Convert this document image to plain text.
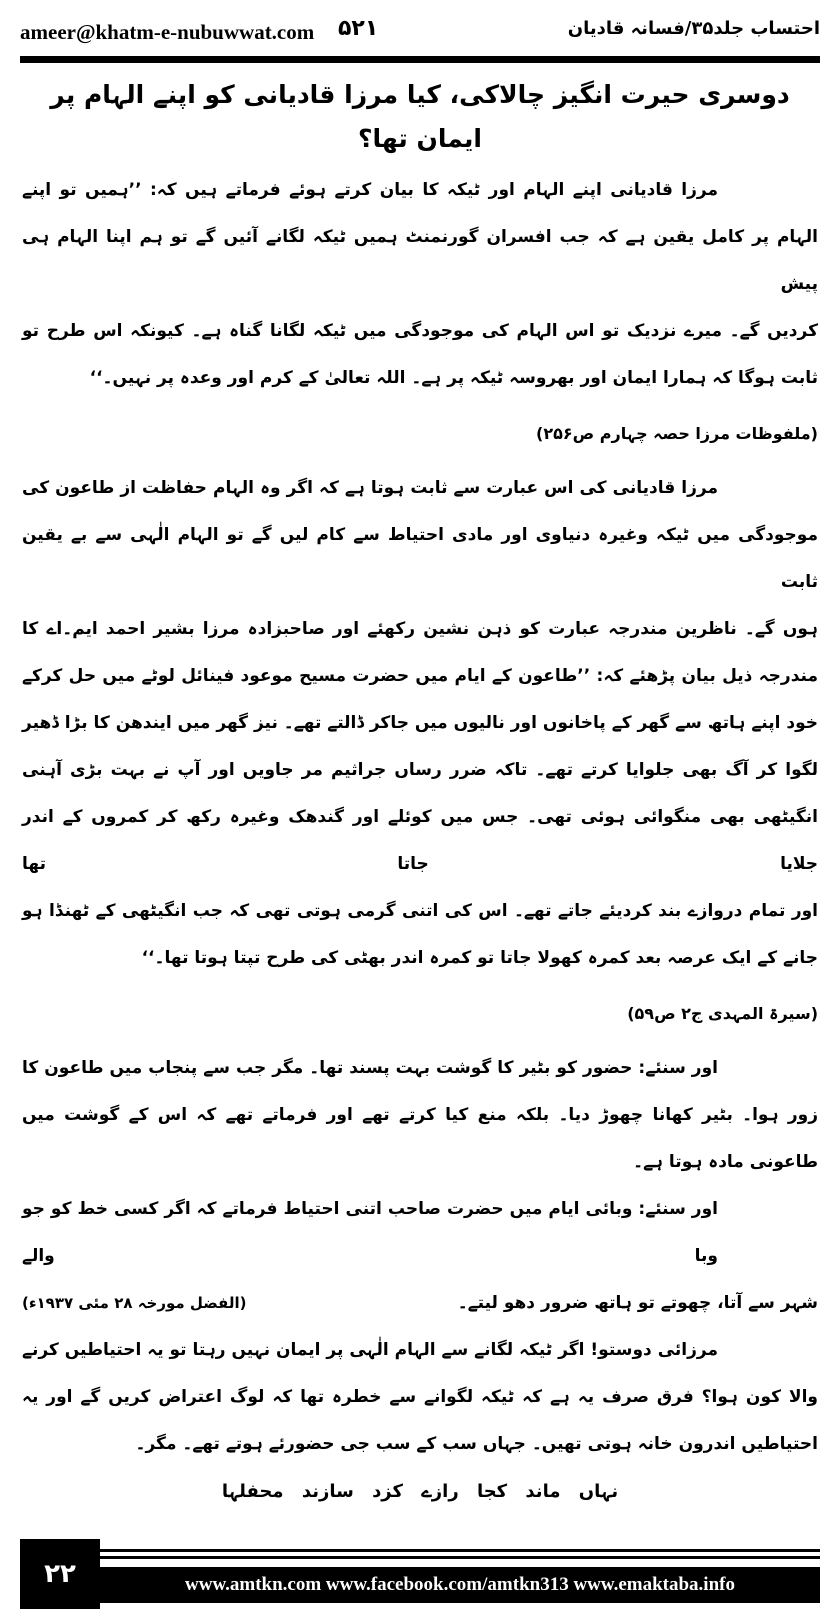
ameer@khatm-e-nubuwwat.com ۵۲۱	احتساب جلد۳۵/فسانہ قادیان
دوسری حیرت انگیز چالاکی، کیا مرزا قادیانی کو اپنے الہام پر ایمان تھا؟
مرزا قادیانی اپنے الہام اور ٹیکہ کا بیان کرتے ہوئے فرماتے ہیں کہ: ’’ہمیں تو اپنے
الہام پر کامل یقین ہے کہ جب افسران گورنمنٹ ہمیں ٹیکہ لگانے آئیں گے تو ہم اپنا الہام ہی پیش
کردیں گے۔ میرے نزدیک تو اس الہام کی موجودگی میں ٹیکہ لگانا گناہ ہے۔ کیونکہ اس طرح تو
ثابت ہوگا کہ ہمارا ایمان اور بھروسہ ٹیکہ پر ہے۔ اللہ تعالیٰ کے کرم اور وعدہ پر نہیں۔‘‘
(ملفوظات مرزا حصہ چہارم ص۲۵۶)
مرزا قادیانی کی اس عبارت سے ثابت ہوتا ہے کہ اگر وہ الہام حفاظت از طاعون کی
موجودگی میں ٹیکہ وغیرہ دنیاوی اور مادی احتیاط سے کام لیں گے تو الہام الٰہی سے بے یقین ثابت
ہوں گے۔ ناظرین مندرجہ عبارت کو ذہن نشین رکھئے اور صاحبزادہ مرزا بشیر احمد ایم۔اے کا
مندرجہ ذیل بیان پڑھئے کہ: ’’طاعون کے ایام میں حضرت مسیح موعود فینائل لوٹے میں حل کرکے
خود اپنے ہاتھ سے گھر کے پاخانوں اور نالیوں میں جاکر ڈالتے تھے۔ نیز گھر میں ایندھن کا بڑا ڈھیر
لگوا کر آگ بھی جلوایا کرتے تھے۔ تاکہ ضرر رساں جراثیم مر جاویں اور آپ نے بہت بڑی آہنی
انگیٹھی بھی منگوائی ہوئی تھی۔ جس میں کوئلے اور گندھک وغیرہ رکھ کر کمروں کے اندر جلایا جاتا تھا
اور تمام دروازے بند کردیئے جاتے تھے۔ اس کی اتنی گرمی ہوتی تھی کہ جب انگیٹھی کے ٹھنڈا ہو
جانے کے ایک عرصہ بعد کمرہ کھولا جاتا تو کمرہ اندر بھٹی کی طرح تپتا ہوتا تھا۔‘‘
(سیرۃ المہدی ج۲ ص۵۹)
اور سنئے: حضور کو بٹیر کا گوشت بہت پسند تھا۔ مگر جب سے پنجاب میں طاعون کا
زور ہوا۔ بٹیر کھانا چھوڑ دیا۔ بلکہ منع کیا کرتے تھے اور فرماتے تھے کہ اس کے گوشت میں
طاعونی مادہ ہوتا ہے۔
اور سنئے: وبائی ایام میں حضرت صاحب اتنی احتیاط فرماتے کہ اگر کسی خط کو جو وبا والے
شہر سے آتا، چھوتے تو ہاتھ ضرور دھو لیتے۔
(الفضل مورخہ ۲۸ مئی ۱۹۳۷ء)
مرزائی دوستو! اگر ٹیکہ لگانے سے الہام الٰہی پر ایمان نہیں رہتا تو یہ احتیاطیں کرنے
والا کون ہوا؟ فرق صرف یہ ہے کہ ٹیکہ لگوانے سے خطرہ تھا کہ لوگ اعتراض کریں گے اور یہ
احتیاطیں اندرون خانہ ہوتی تھیں۔ جہاں سب کے سب جی حضورئے ہوتے تھے۔ مگر۔
نہاں ماند کجا رازے کزد سازند محفلہا
۲۲	www.amtkn.com www.facebook.com/amtkn313 www.emaktaba.info
